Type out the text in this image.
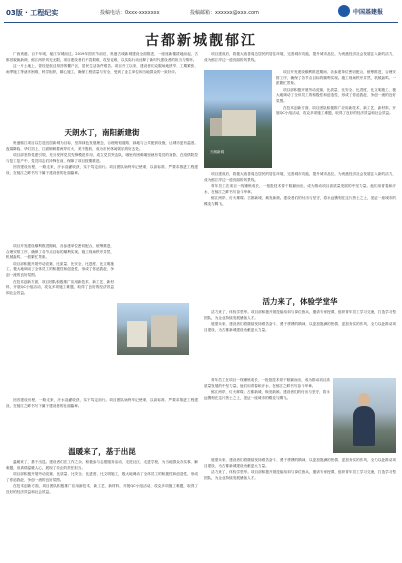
03版 · 工程纪实	投稿电话：0xxx-xxxxxxx	投稿邮箱：xxxxxx@xxx.com	中国基建报
古都新城靓郁江

广西贵港、百千年城，郁江穿城而过。2019年国庆节前后，贵港古城新城建设全面推进，一座座新楼拔地而起，古都旧貌换新颜，郁江两岸风光无限。项目建设者们不畏艰难，攻坚克难，以实际行动诠释了新时代建设者的担当与情怀。

这一片土地上，曾经是低洼易涝的棚户区，居民生活条件艰苦。项目开工以来，建设者们克服场地狭窄、工期紧张、雨季施工等诸多困难，科学组织，精心施工，确保工程质量与安全，受到了业主单位和当地群众的一致好评。

天朗水丁，南阳新建街

贵港郁江项目以打造宜居新城为目标，坚持绿色发展理念，合理规划道路、绿地与公共配套设施，让城市更有温度。夜幕降临，华灯初上，江面倒映着两岸灯火，美不胜收，成为市民休闲娱乐的好去处。

项目部坚持党建引领，充分发挥党员先锋模范作用，成立党员突击队，哪里有困难哪里就有党员的身影。在疫情防控与复工复产中，党员同志们冲锋在前，保障了项目按期推进。

回首建设历程，一路走来，汗水浇灌收获，实干笃定前行。项目团队始终牢记使命，以高标准、严要求推进工程建设，在郁江之畔书写下属于建设者的壮丽篇章。

项目开发建设顺利推进期间，各参建单位密切配合，统筹推进，合理安排工序，确保了各节点目标的顺利实现。施工现场秩序井然，机械轰鸣，一派繁忙景象。

项目部积极开展劳动竞赛，比质量、比安全、比进度、比文明施工，极大地调动了全体员工的积极性和创造性，形成了你追我赶、争创一流的良好氛围。

在技术创新方面，项目团队积极推广应用新技术、新工艺、新材料，开展QC小组活动，攻克多项施工难题，取得了良好的经济效益和社会效益。

回首建设历程，一路走来，汗水浇灌收获，实干笃定前行。项目团队始终牢记使命，以高标准、严要求推进工程建设，在郁江之畔书写下属于建设者的壮丽篇章。

温暖来了，基于出昆

温暖来了，基于出昆。建设者们在工作之余，积极参与志愿服务活动，走进社区、走进学校，为当地群众办实事、解难题，用真情温暖人心，展现了央企的责任担当。

项目部积极开展劳动竞赛，比质量、比安全、比进度、比文明施工，极大地调动了全体员工的积极性和创造性，形成了你追我赶、争创一流的良好氛围。

在技术创新方面，项目团队积极推广应用新技术、新工艺、新材料，开展QC小组活动，攻克多项施工难题，取得了良好的经济效益和社会效益。

天朗新城

项目建成后，将极大改善周边居民的居住环境，完善城市功能，提升城市品位，为贵港经济社会发展注入新的活力，成为郁江岸边一道亮丽的风景线。

项目开发建设顺利推进期间，各参建单位密切配合，统筹推进，合理安排工序，确保了各节点目标的顺利实现。施工现场秩序井然，机械轰鸣，一派繁忙景象。

项目部积极开展劳动竞赛，比质量、比安全、比进度、比文明施工，极大地调动了全体员工的积极性和创造性，形成了你追我赶、争创一流的良好氛围。

在技术创新方面，项目团队积极推广应用新技术、新工艺、新材料，开展QC小组活动，攻克多项施工难题，取得了良好的经济效益和社会效益。

项目建成后，将极大改善周边居民的居住环境，完善城市功能，提升城市品位，为贵港经济社会发展注入新的活力，成为郁江岸边一道亮丽的风景线。

青年员工在项目一线锤炼成长，一批批技术骨干脱颖而出，成为推动项目高质量发展的中坚力量。他们用青春和汗水，在郁江之畔书写奋斗华章。

郁江两岸，灯火璀璨；古都新城，焕发新颜。建设者们的付出与坚守，将永远镌刻在这片热土之上，见证一座城市的蝶变与腾飞。

活力来了，体验学堂华

活力来了，体验学堂华。项目部积极开展技能培训与岗位练兵，邀请专家授课，组织青年员工学习交流，打造学习型团队，为企业持续发展储备人才。

展望未来，建设者们将继续发扬艰苦奋斗、勇于拼搏的精神，以更加饱满的热情、更加务实的作风，全力以赴推动项目建设，为古都新城建设贡献更大力量。

青年员工在项目一线锤炼成长，一批批技术骨干脱颖而出，成为推动项目高质量发展的中坚力量。他们用青春和汗水，在郁江之畔书写奋斗华章。

郁江两岸，灯火璀璨；古都新城，焕发新颜。建设者们的付出与坚守，将永远镌刻在这片热土之上，见证一座城市的蝶变与腾飞。

展望未来，建设者们将继续发扬艰苦奋斗、勇于拼搏的精神，以更加饱满的热情、更加务实的作风，全力以赴推动项目建设，为古都新城建设贡献更大力量。

活力来了，体验学堂华。项目部积极开展技能培训与岗位练兵，邀请专家授课，组织青年员工学习交流，打造学习型团队，为企业持续发展储备人才。
